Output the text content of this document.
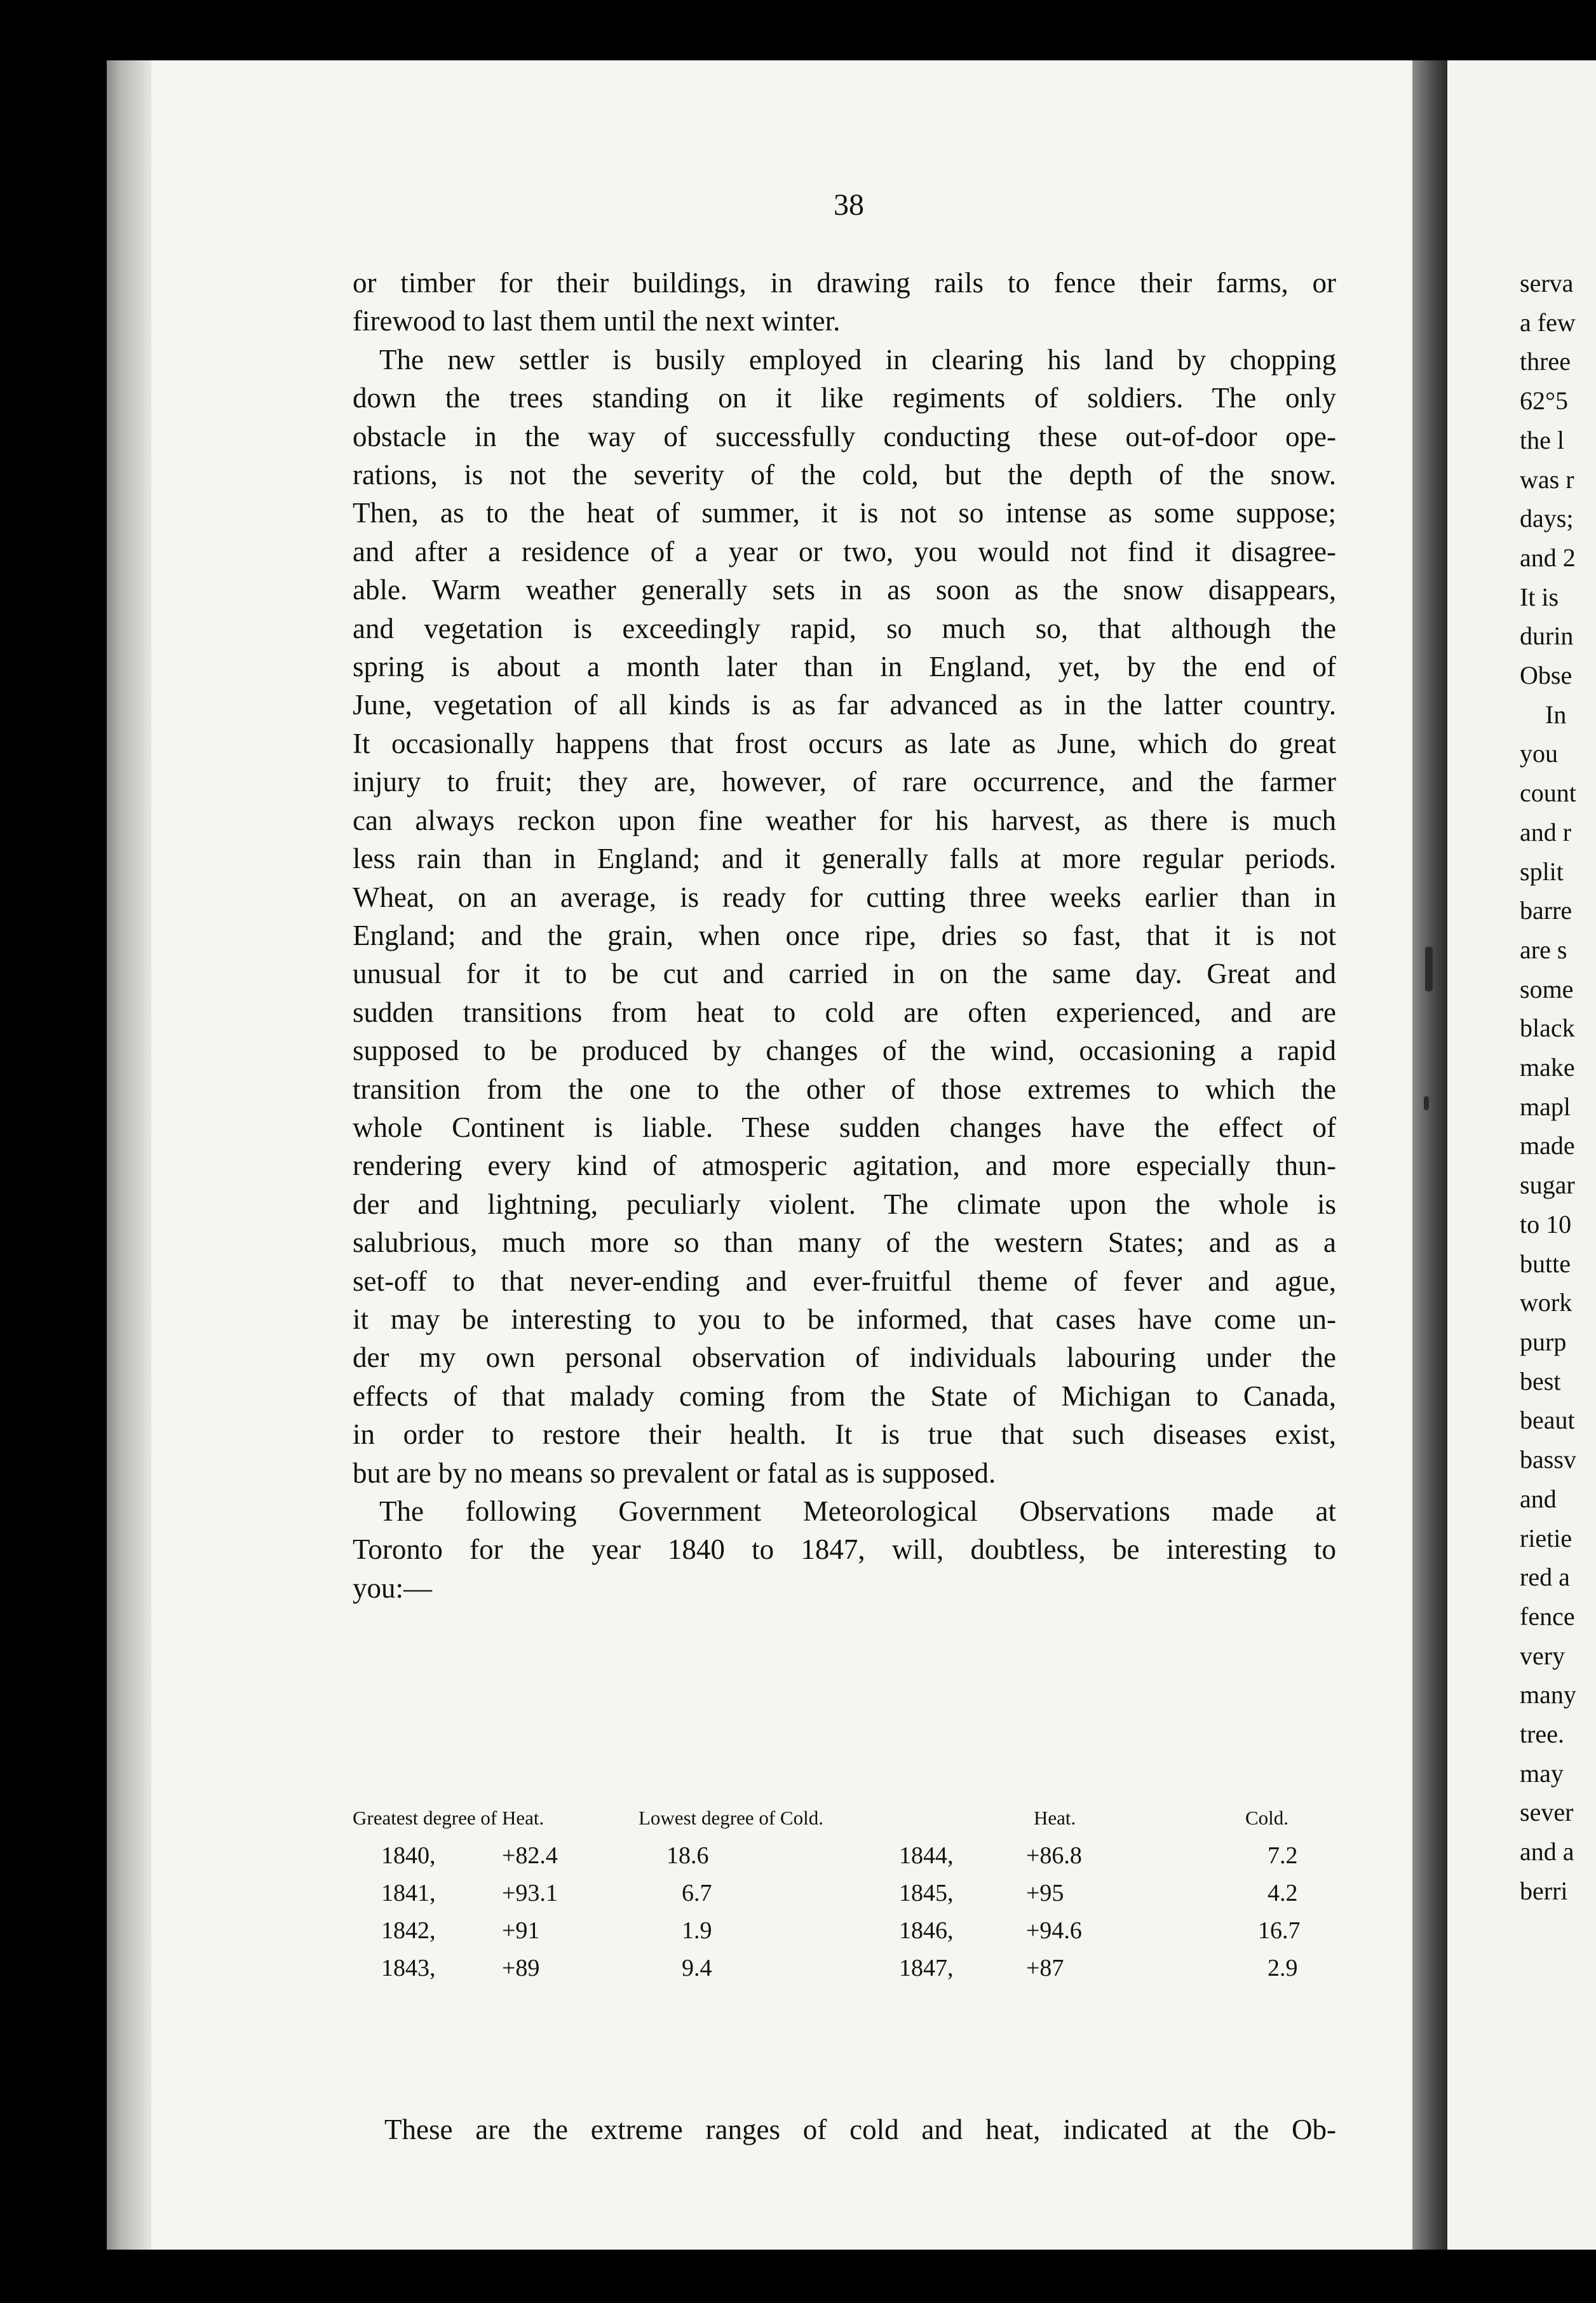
38
or timber for their buildings, in drawing rails to fence their farms, or
firewood to last them until the next winter.
The new settler is busily employed in clearing his land by chopping
down the trees standing on it like regiments of soldiers. The only
obstacle in the way of successfully conducting these out-of-door ope-
rations, is not the severity of the cold, but the depth of the snow.
Then, as to the heat of summer, it is not so intense as some suppose;
and after a residence of a year or two, you would not find it disagree-
able. Warm weather generally sets in as soon as the snow disappears,
and vegetation is exceedingly rapid, so much so, that although the
spring is about a month later than in England, yet, by the end of
June, vegetation of all kinds is as far advanced as in the latter country.
It occasionally happens that frost occurs as late as June, which do great
injury to fruit; they are, however, of rare occurrence, and the farmer
can always reckon upon fine weather for his harvest, as there is much
less rain than in England; and it generally falls at more regular periods.
Wheat, on an average, is ready for cutting three weeks earlier than in
England; and the grain, when once ripe, dries so fast, that it is not
unusual for it to be cut and carried in on the same day. Great and
sudden transitions from heat to cold are often experienced, and are
supposed to be produced by changes of the wind, occasioning a rapid
transition from the one to the other of those extremes to which the
whole Continent is liable. These sudden changes have the effect of
rendering every kind of atmosperic agitation, and more especially thun-
der and lightning, peculiarly violent. The climate upon the whole is
salubrious, much more so than many of the western States; and as a
set-off to that never-ending and ever-fruitful theme of fever and ague,
it may be interesting to you to be informed, that cases have come un-
der my own personal observation of individuals labouring under the
effects of that malady coming from the State of Michigan to Canada,
in order to restore their health. It is true that such diseases exist,
but are by no means so prevalent or fatal as is supposed.
The following Government Meteorological Observations made at
Toronto for the year 1840 to 1847, will, doubtless, be interesting to
you:—
Greatest degree of Heat.	Lowest degree of Cold.	Heat.	Cold.
1840,	+82.4	18.6	1844,	+86.8	7.2
1841,	+93.1	6.7	1845,	+95	4.2
1842,	+91	1.9	1846,	+94.6	16.7
1843,	+89	9.4	1847,	+87	2.9
These are the extreme ranges of cold and heat, indicated at the Ob-
serva
a few
three
62°5
the l
was r
days;
and 2
It is
durin
Obse
In
you
count
and r
split
barre
are s
some
black
make
mapl
made
sugar
to 10
butte
work
purp
best
beaut
bassv
and
rietie
red a
fence
very
many
tree.
may
sever
and a
berri
